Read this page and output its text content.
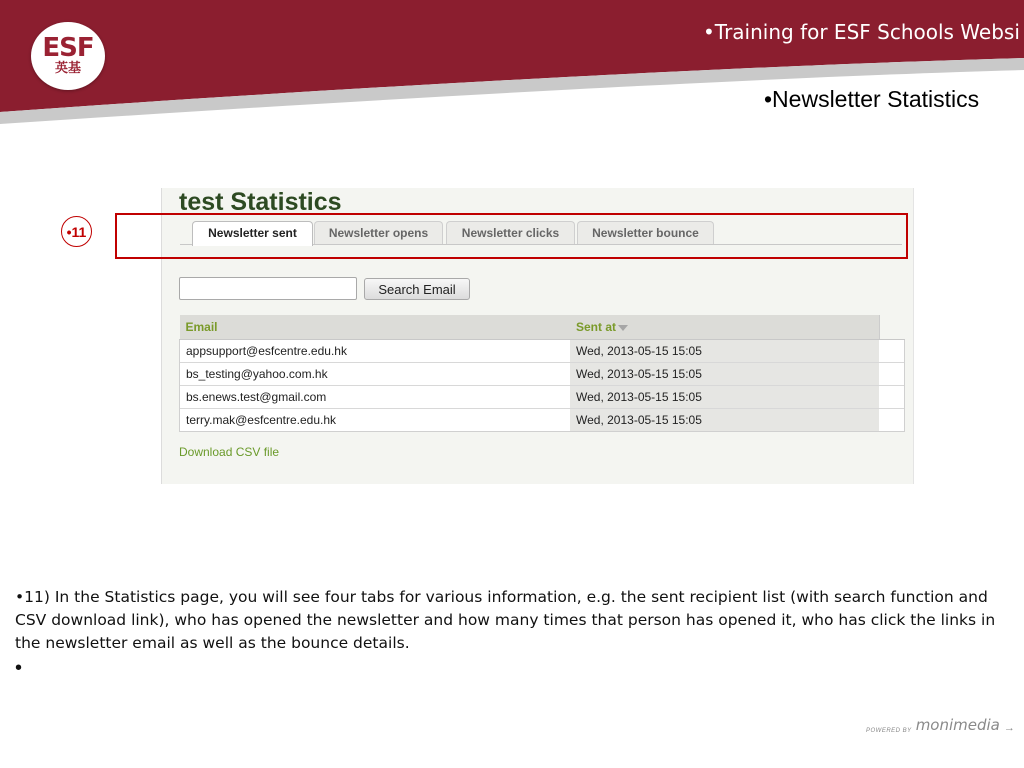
ESF
英基
•Training for ESF Schools Websi
•Newsletter Statistics
test Statistics
Newsletter sent	Newsletter opens	Newsletter clicks	Newsletter bounce
Search Email
Email	Sent at	
appsupport@esfcentre.edu.hk	Wed, 2013-05-15 15:05	
bs_testing@yahoo.com.hk	Wed, 2013-05-15 15:05	
bs.enews.test@gmail.com	Wed, 2013-05-15 15:05	
terry.mak@esfcentre.edu.hk	Wed, 2013-05-15 15:05	
Download CSV file
•11
•11) In the Statistics page, you will see four tabs for various information, e.g. the sent recipient list (with search function and CSV download link), who has opened the newsletter and how many times that person has opened it, who has click the links in the newsletter email as well as the bounce details.
•
POWERED BY monimedia →
